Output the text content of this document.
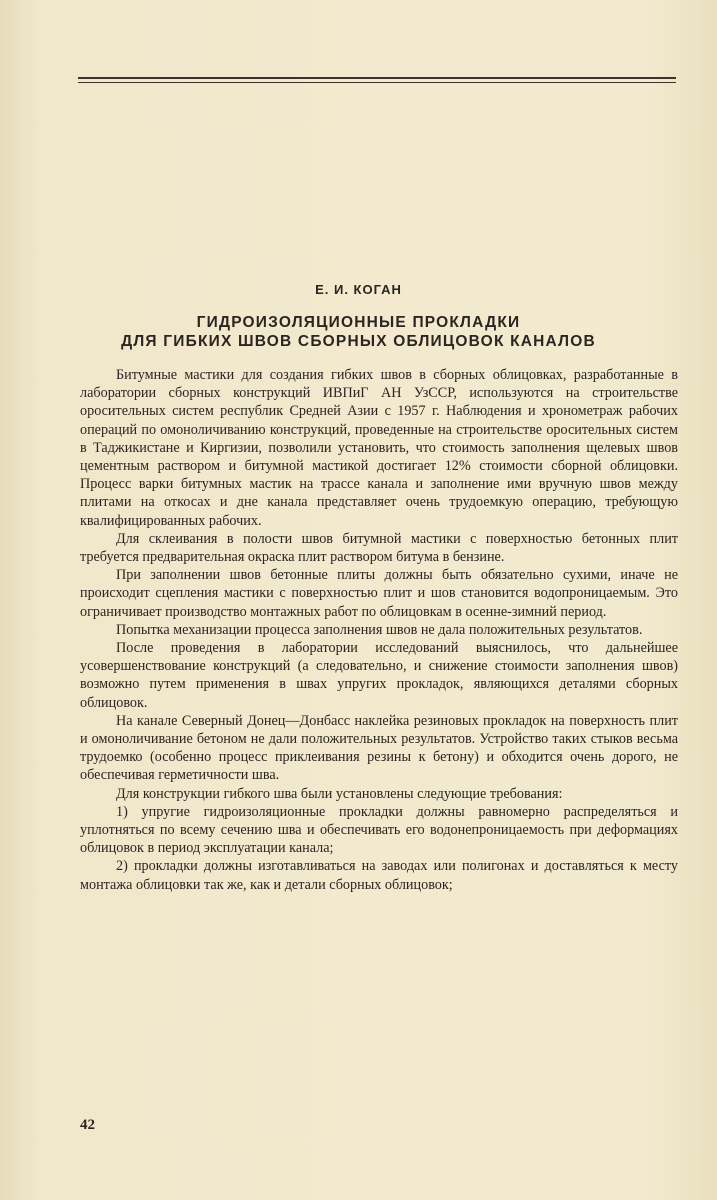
Е. И. КОГАН
ГИДРОИЗОЛЯЦИОННЫЕ ПРОКЛАДКИ
ДЛЯ ГИБКИХ ШВОВ СБОРНЫХ ОБЛИЦОВОК КАНАЛОВ

Битумные мастики для создания гибких швов в сборных облицовках, разработанные в лаборатории сборных конструкций ИВПиГ АН УзССР, используются на строительстве оросительных систем республик Средней Азии с 1957 г. Наблюдения и хронометраж рабочих операций по омоноличиванию конструкций, проведенные на строительстве оросительных систем в Таджикистане и Киргизии, позволили установить, что стоимость заполнения щелевых швов цементным раствором и битумной мастикой достигает 12% стоимости сборной облицовки. Процесс варки битумных мастик на трассе канала и заполнение ими вручную швов между плитами на откосах и дне канала представляет очень трудоемкую операцию, требующую квалифицированных рабочих.

Для склеивания в полости швов битумной мастики с поверхностью бетонных плит требуется предварительная окраска плит раствором битума в бензине.

При заполнении швов бетонные плиты должны быть обязательно сухими, иначе не происходит сцепления мастики с поверхностью плит и шов становится водопроницаемым. Это ограничивает производство монтажных работ по облицовкам в осенне-зимний период.

Попытка механизации процесса заполнения швов не дала положительных результатов.

После проведения в лаборатории исследований выяснилось, что дальнейшее усовершенствование конструкций (а следовательно, и снижение стоимости заполнения швов) возможно путем применения в швах упругих прокладок, являющихся деталями сборных облицовок.

На канале Северный Донец—Донбасс наклейка резиновых прокладок на поверхность плит и омоноличивание бетоном не дали положительных результатов. Устройство таких стыков весьма трудоемко (особенно процесс приклеивания резины к бетону) и обходится очень дорого, не обеспечивая герметичности шва.

Для конструкции гибкого шва были установлены следующие требования:

1) упругие гидроизоляционные прокладки должны равномерно распределяться и уплотняться по всему сечению шва и обеспечивать его водонепроницаемость при деформациях облицовок в период эксплуатации канала;

2) прокладки должны изготавливаться на заводах или полигонах и доставляться к месту монтажа облицовки так же, как и детали сборных облицовок;

42
